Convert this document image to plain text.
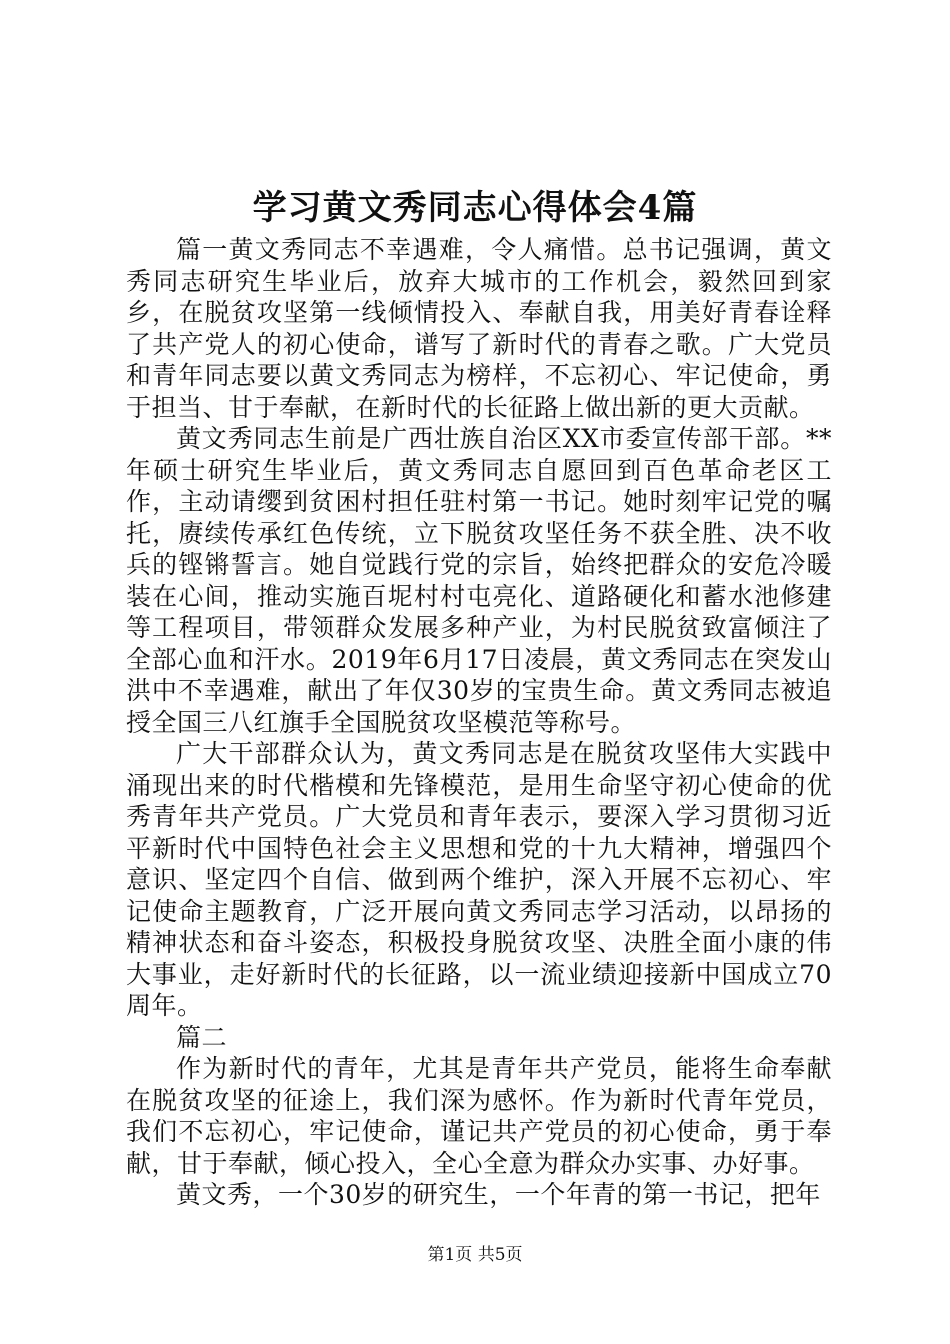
学习黄文秀同志心得体会4篇

篇一黄文秀同志不幸遇难，令人痛惜。总书记强调，黄文秀同志研究生毕业后，放弃大城市的工作机会，毅然回到家乡，在脱贫攻坚第一线倾情投入、奉献自我，用美好青春诠释了共产党人的初心使命，谱写了新时代的青春之歌。广大党员和青年同志要以黄文秀同志为榜样，不忘初心、牢记使命，勇于担当、甘于奉献，在新时代的长征路上做出新的更大贡献。

黄文秀同志生前是广西壮族自治区XX市委宣传部干部。**年硕士研究生毕业后，黄文秀同志自愿回到百色革命老区工作，主动请缨到贫困村担任驻村第一书记。她时刻牢记党的嘱托，赓续传承红色传统，立下脱贫攻坚任务不获全胜、决不收兵的铿锵誓言。她自觉践行党的宗旨，始终把群众的安危冷暖装在心间，推动实施百坭村村屯亮化、道路硬化和蓄水池修建等工程项目，带领群众发展多种产业，为村民脱贫致富倾注了全部心血和汗水。2019年6月17日凌晨，黄文秀同志在突发山洪中不幸遇难，献出了年仅30岁的宝贵生命。黄文秀同志被追授全国三八红旗手全国脱贫攻坚模范等称号。

广大干部群众认为，黄文秀同志是在脱贫攻坚伟大实践中涌现出来的时代楷模和先锋模范，是用生命坚守初心使命的优秀青年共产党员。广大党员和青年表示，要深入学习贯彻习近平新时代中国特色社会主义思想和党的十九大精神，增强四个意识、坚定四个自信、做到两个维护，深入开展不忘初心、牢记使命主题教育，广泛开展向黄文秀同志学习活动，以昂扬的精神状态和奋斗姿态，积极投身脱贫攻坚、决胜全面小康的伟大事业，走好新时代的长征路，以一流业绩迎接新中国成立70周年。

篇二

作为新时代的青年，尤其是青年共产党员，能将生命奉献在脱贫攻坚的征途上，我们深为感怀。作为新时代青年党员，我们不忘初心，牢记使命，谨记共产党员的初心使命，勇于奉献，甘于奉献，倾心投入，全心全意为群众办实事、办好事。

黄文秀，一个30岁的研究生，一个年青的第一书记，把年

第1页 共5页
